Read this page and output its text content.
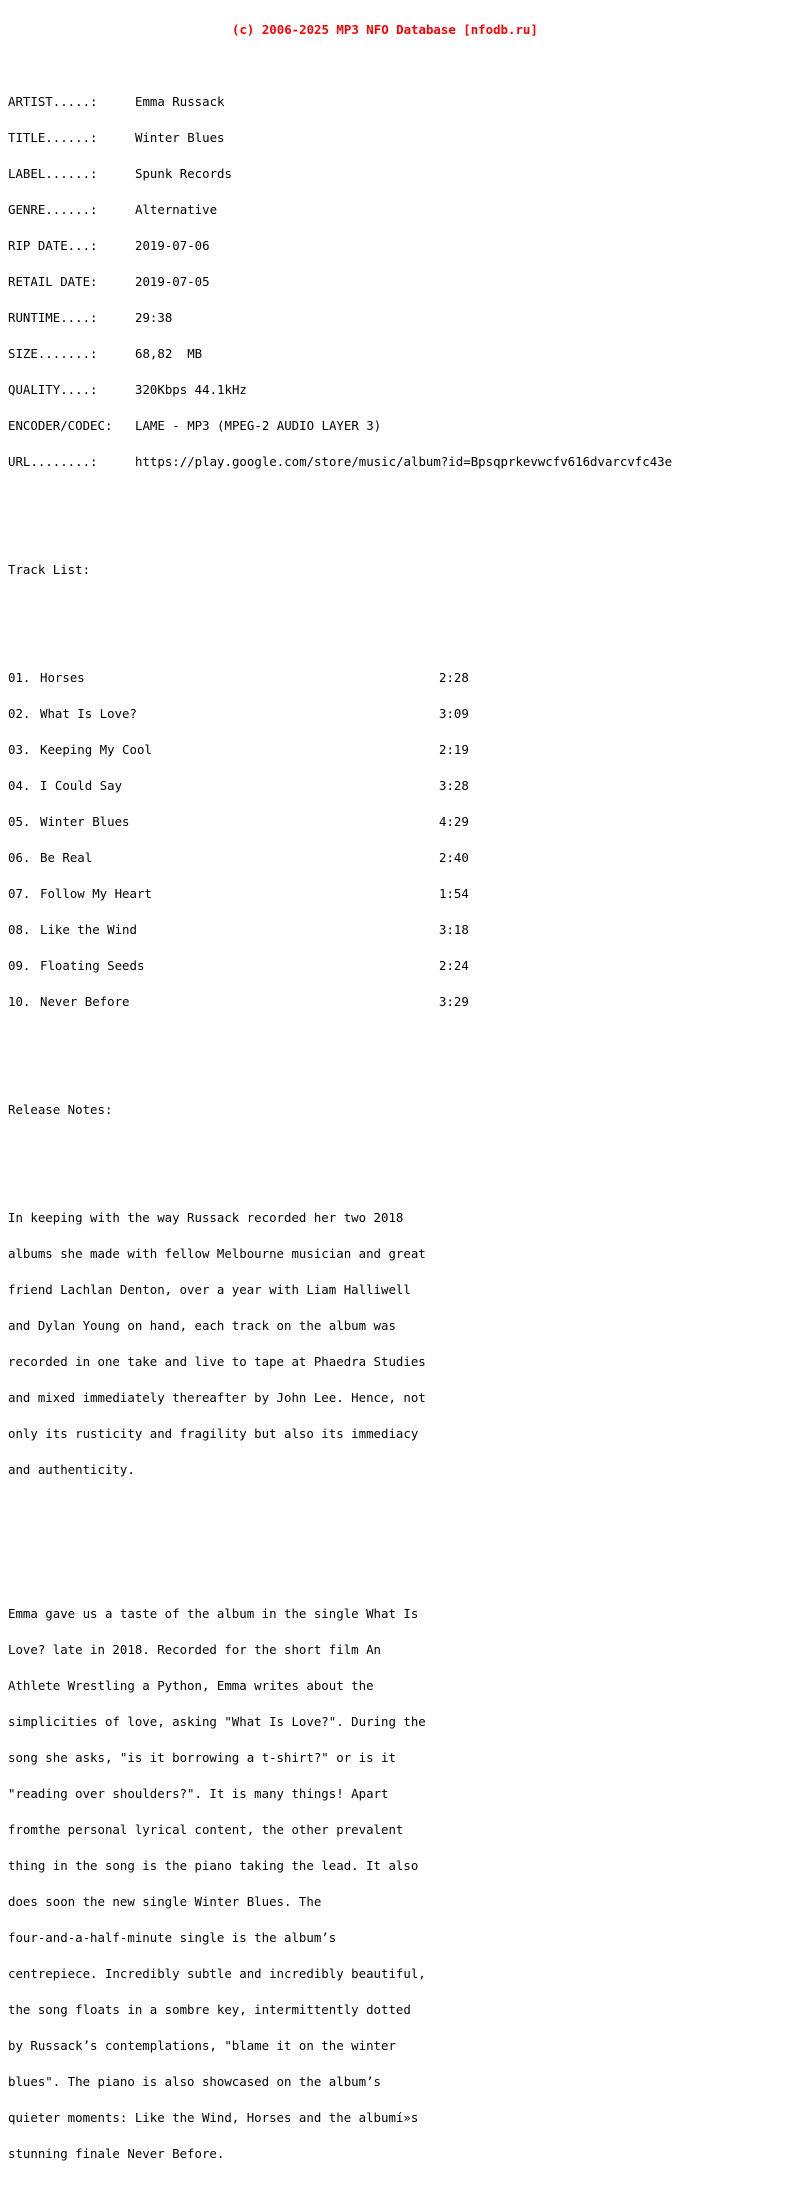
(c) 2006-2025 MP3 NFO Database [nfodb.ru]

ARTIST.....:	Emma Russack

TITLE......:	Winter Blues

LABEL......:	Spunk Records

GENRE......:	Alternative

RIP DATE...:	2019-07-06

RETAIL DATE:	2019-07-05

RUNTIME....:	29:38

SIZE.......:	68,82  MB

QUALITY....:	320Kbps 44.1kHz

ENCODER/CODEC: LAME - MP3 (MPEG-2 AUDIO LAYER 3)

URL........:	https://play.google.com/store/music/album?id=Bpsqprkevwcfv616dvarcvfc43e

Track List:

01. Horses	2:28

02. What Is Love?	3:09

03. Keeping My Cool	2:19

04. I Could Say	3:28

05. Winter Blues	4:29

06. Be Real	2:40

07. Follow My Heart	1:54

08. Like the Wind	3:18

09. Floating Seeds	2:24

10. Never Before	3:29

Release Notes:

In keeping with the way Russack recorded her two 2018

albums she made with fellow Melbourne musician and great

friend Lachlan Denton, over a year with Liam Halliwell

and Dylan Young on hand, each track on the album was

recorded in one take and live to tape at Phaedra Studies

and mixed immediately thereafter by John Lee. Hence, not

only its rusticity and fragility but also its immediacy

and authenticity.

Emma gave us a taste of the album in the single What Is

Love? late in 2018. Recorded for the short film An

Athlete Wrestling a Python, Emma writes about the

simplicities of love, asking "What Is Love?". During the

song she asks, "is it borrowing a t-shirt?" or is it

"reading over shoulders?". It is many things! Apart

fromthe personal lyrical content, the other prevalent

thing in the song is the piano taking the lead. It also

does soon the new single Winter Blues. The

four-and-a-half-minute single is the album’s

centrepiece. Incredibly subtle and incredibly beautiful,

the song floats in a sombre key, intermittently dotted

by Russack’s contemplations, "blame it on the winter

blues". The piano is also showcased on the album’s

quieter moments: Like the Wind, Horses and the albumí»s

stunning finale Never Before.
